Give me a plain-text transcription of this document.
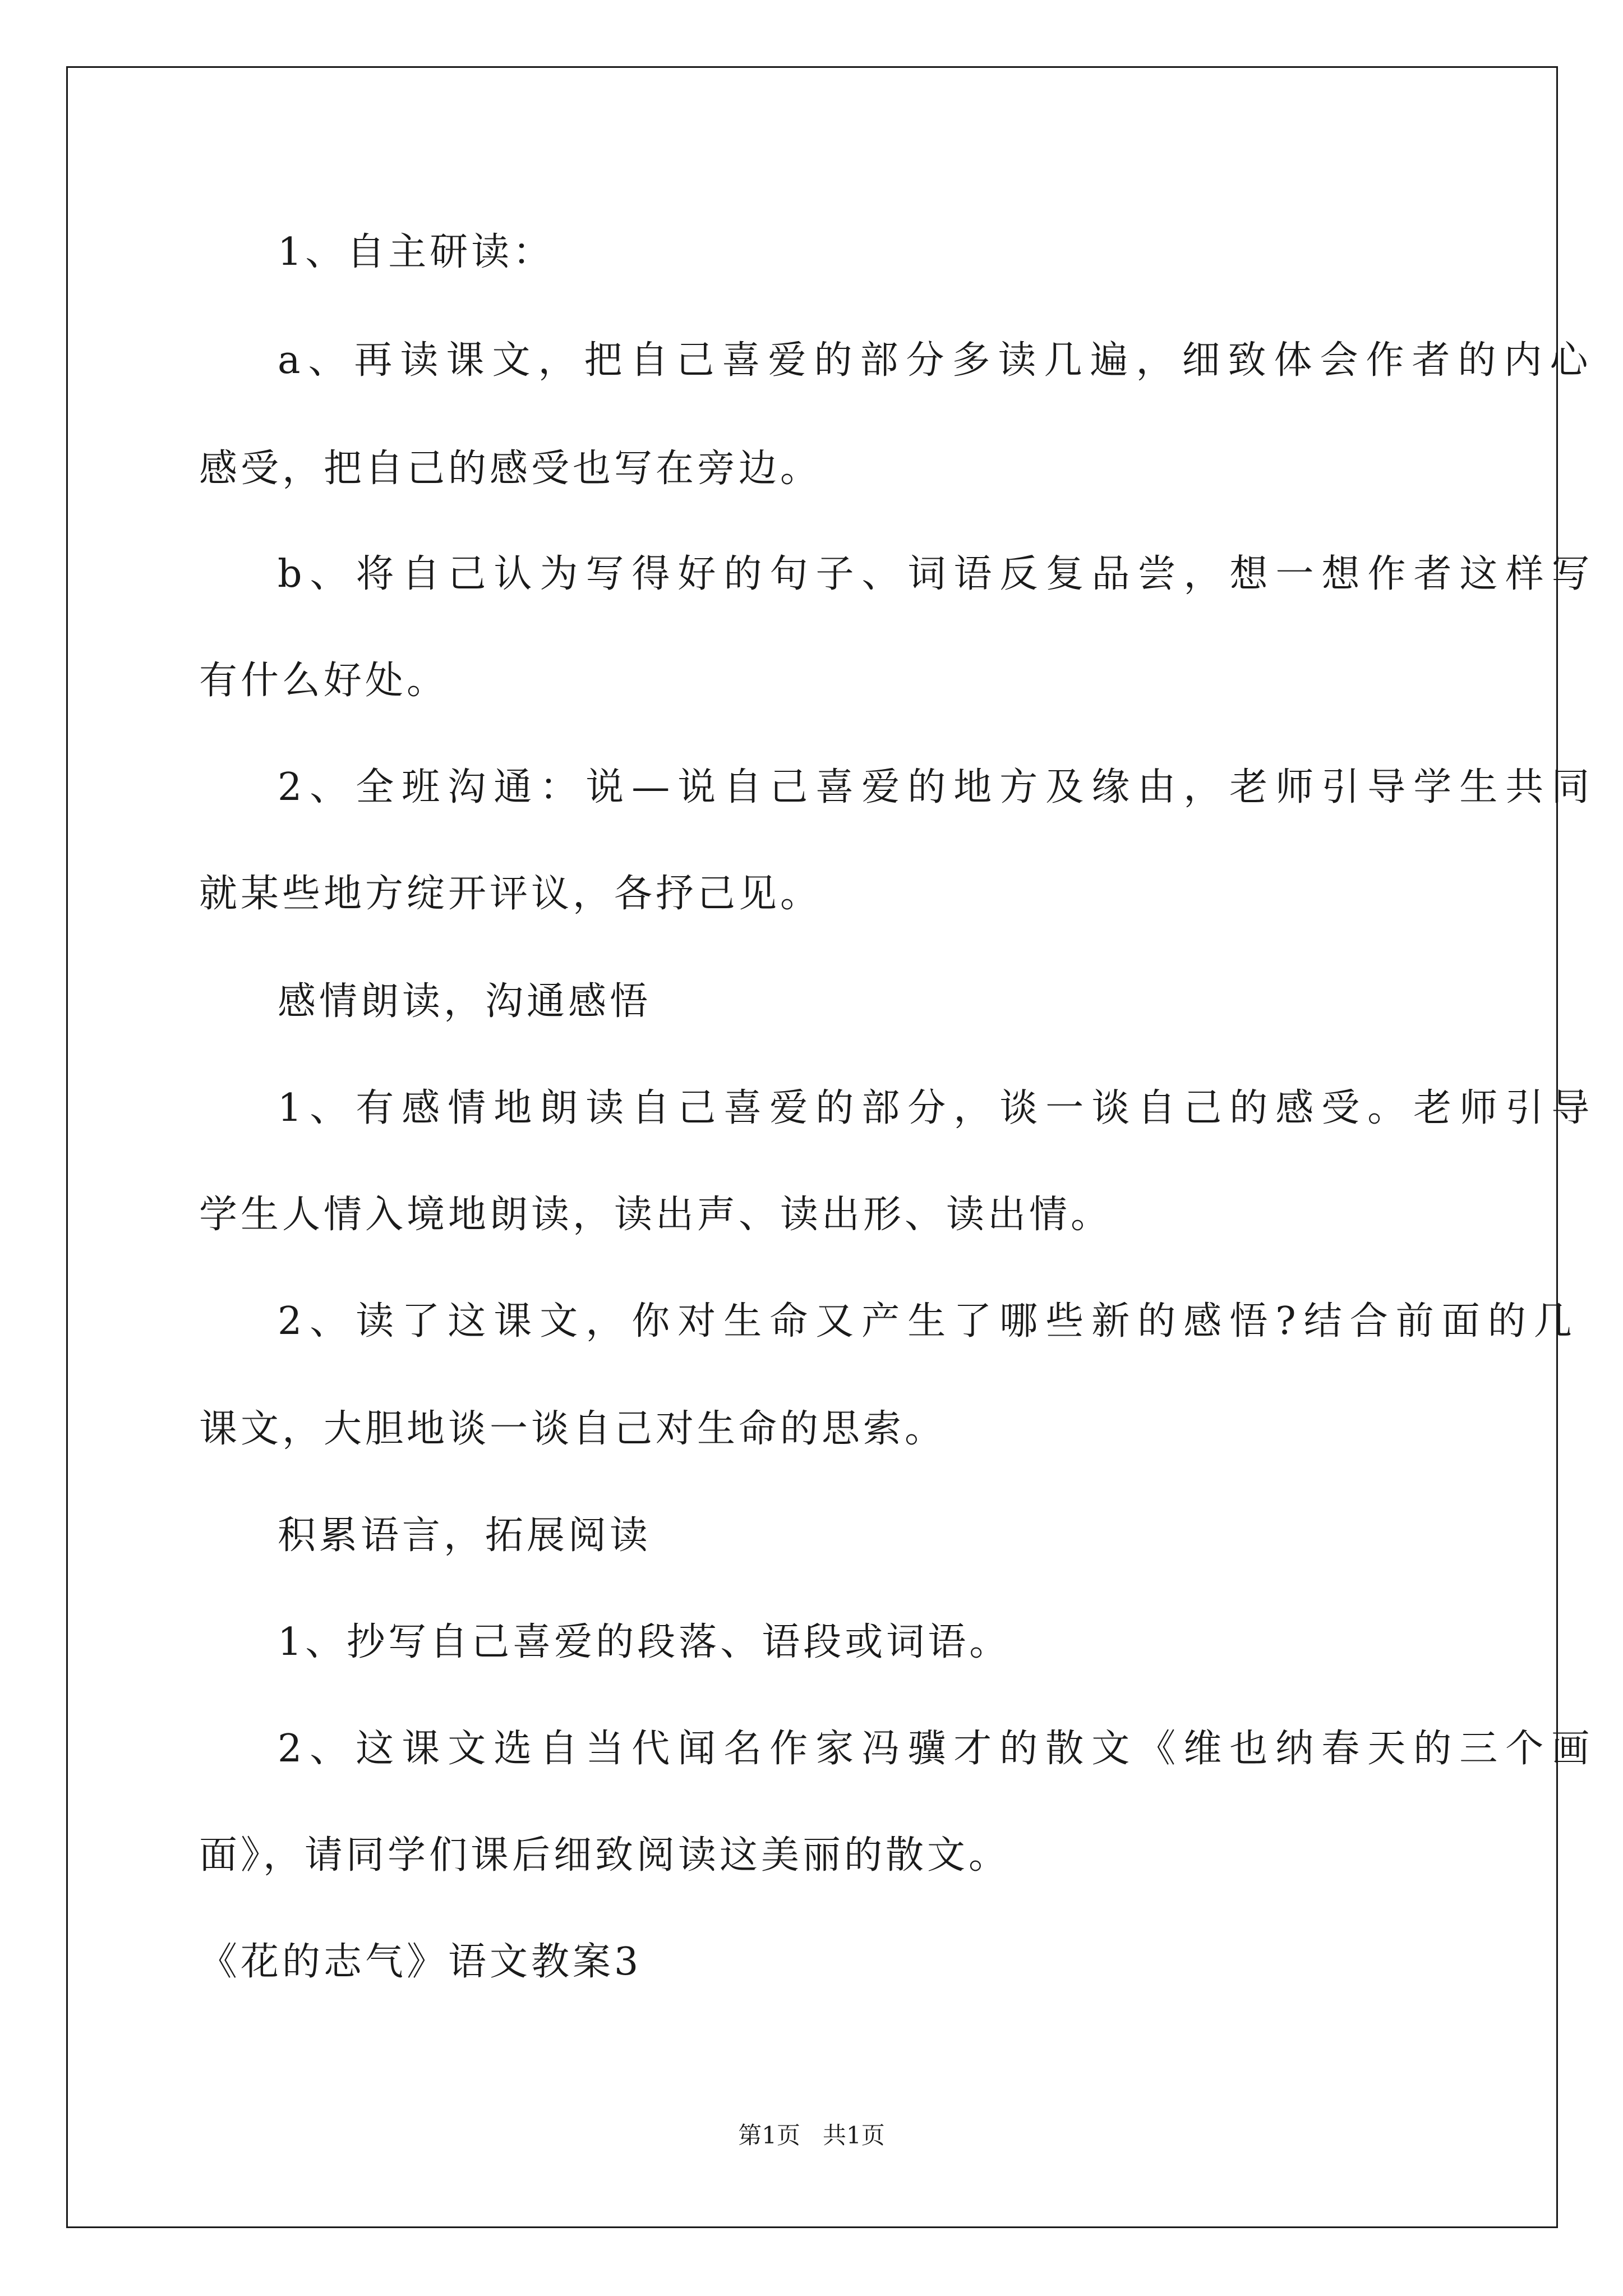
1、自主研读：
a、再读课文，把自己喜爱的部分多读几遍，细致体会作者的内心
感受，把自己的感受也写在旁边。
b、将自己认为写得好的句子、词语反复品尝，想一想作者这样写
有什么好处。
2、全班沟通：说—说自己喜爱的地方及缘由，老师引导学生共同
就某些地方绽开评议，各抒己见。
感情朗读，沟通感悟
1、有感情地朗读自己喜爱的部分，谈一谈自己的感受。老师引导
学生人情入境地朗读，读出声、读出形、读出情。
2、读了这课文，你对生命又产生了哪些新的感悟?结合前面的几
课文，大胆地谈一谈自己对生命的思索。
积累语言，拓展阅读
1、抄写自己喜爱的段落、语段或词语。
2、这课文选自当代闻名作家冯骥才的散文《维也纳春天的三个画
面》，请同学们课后细致阅读这美丽的散文。
《花的志气》语文教案3
第1页   共1页
